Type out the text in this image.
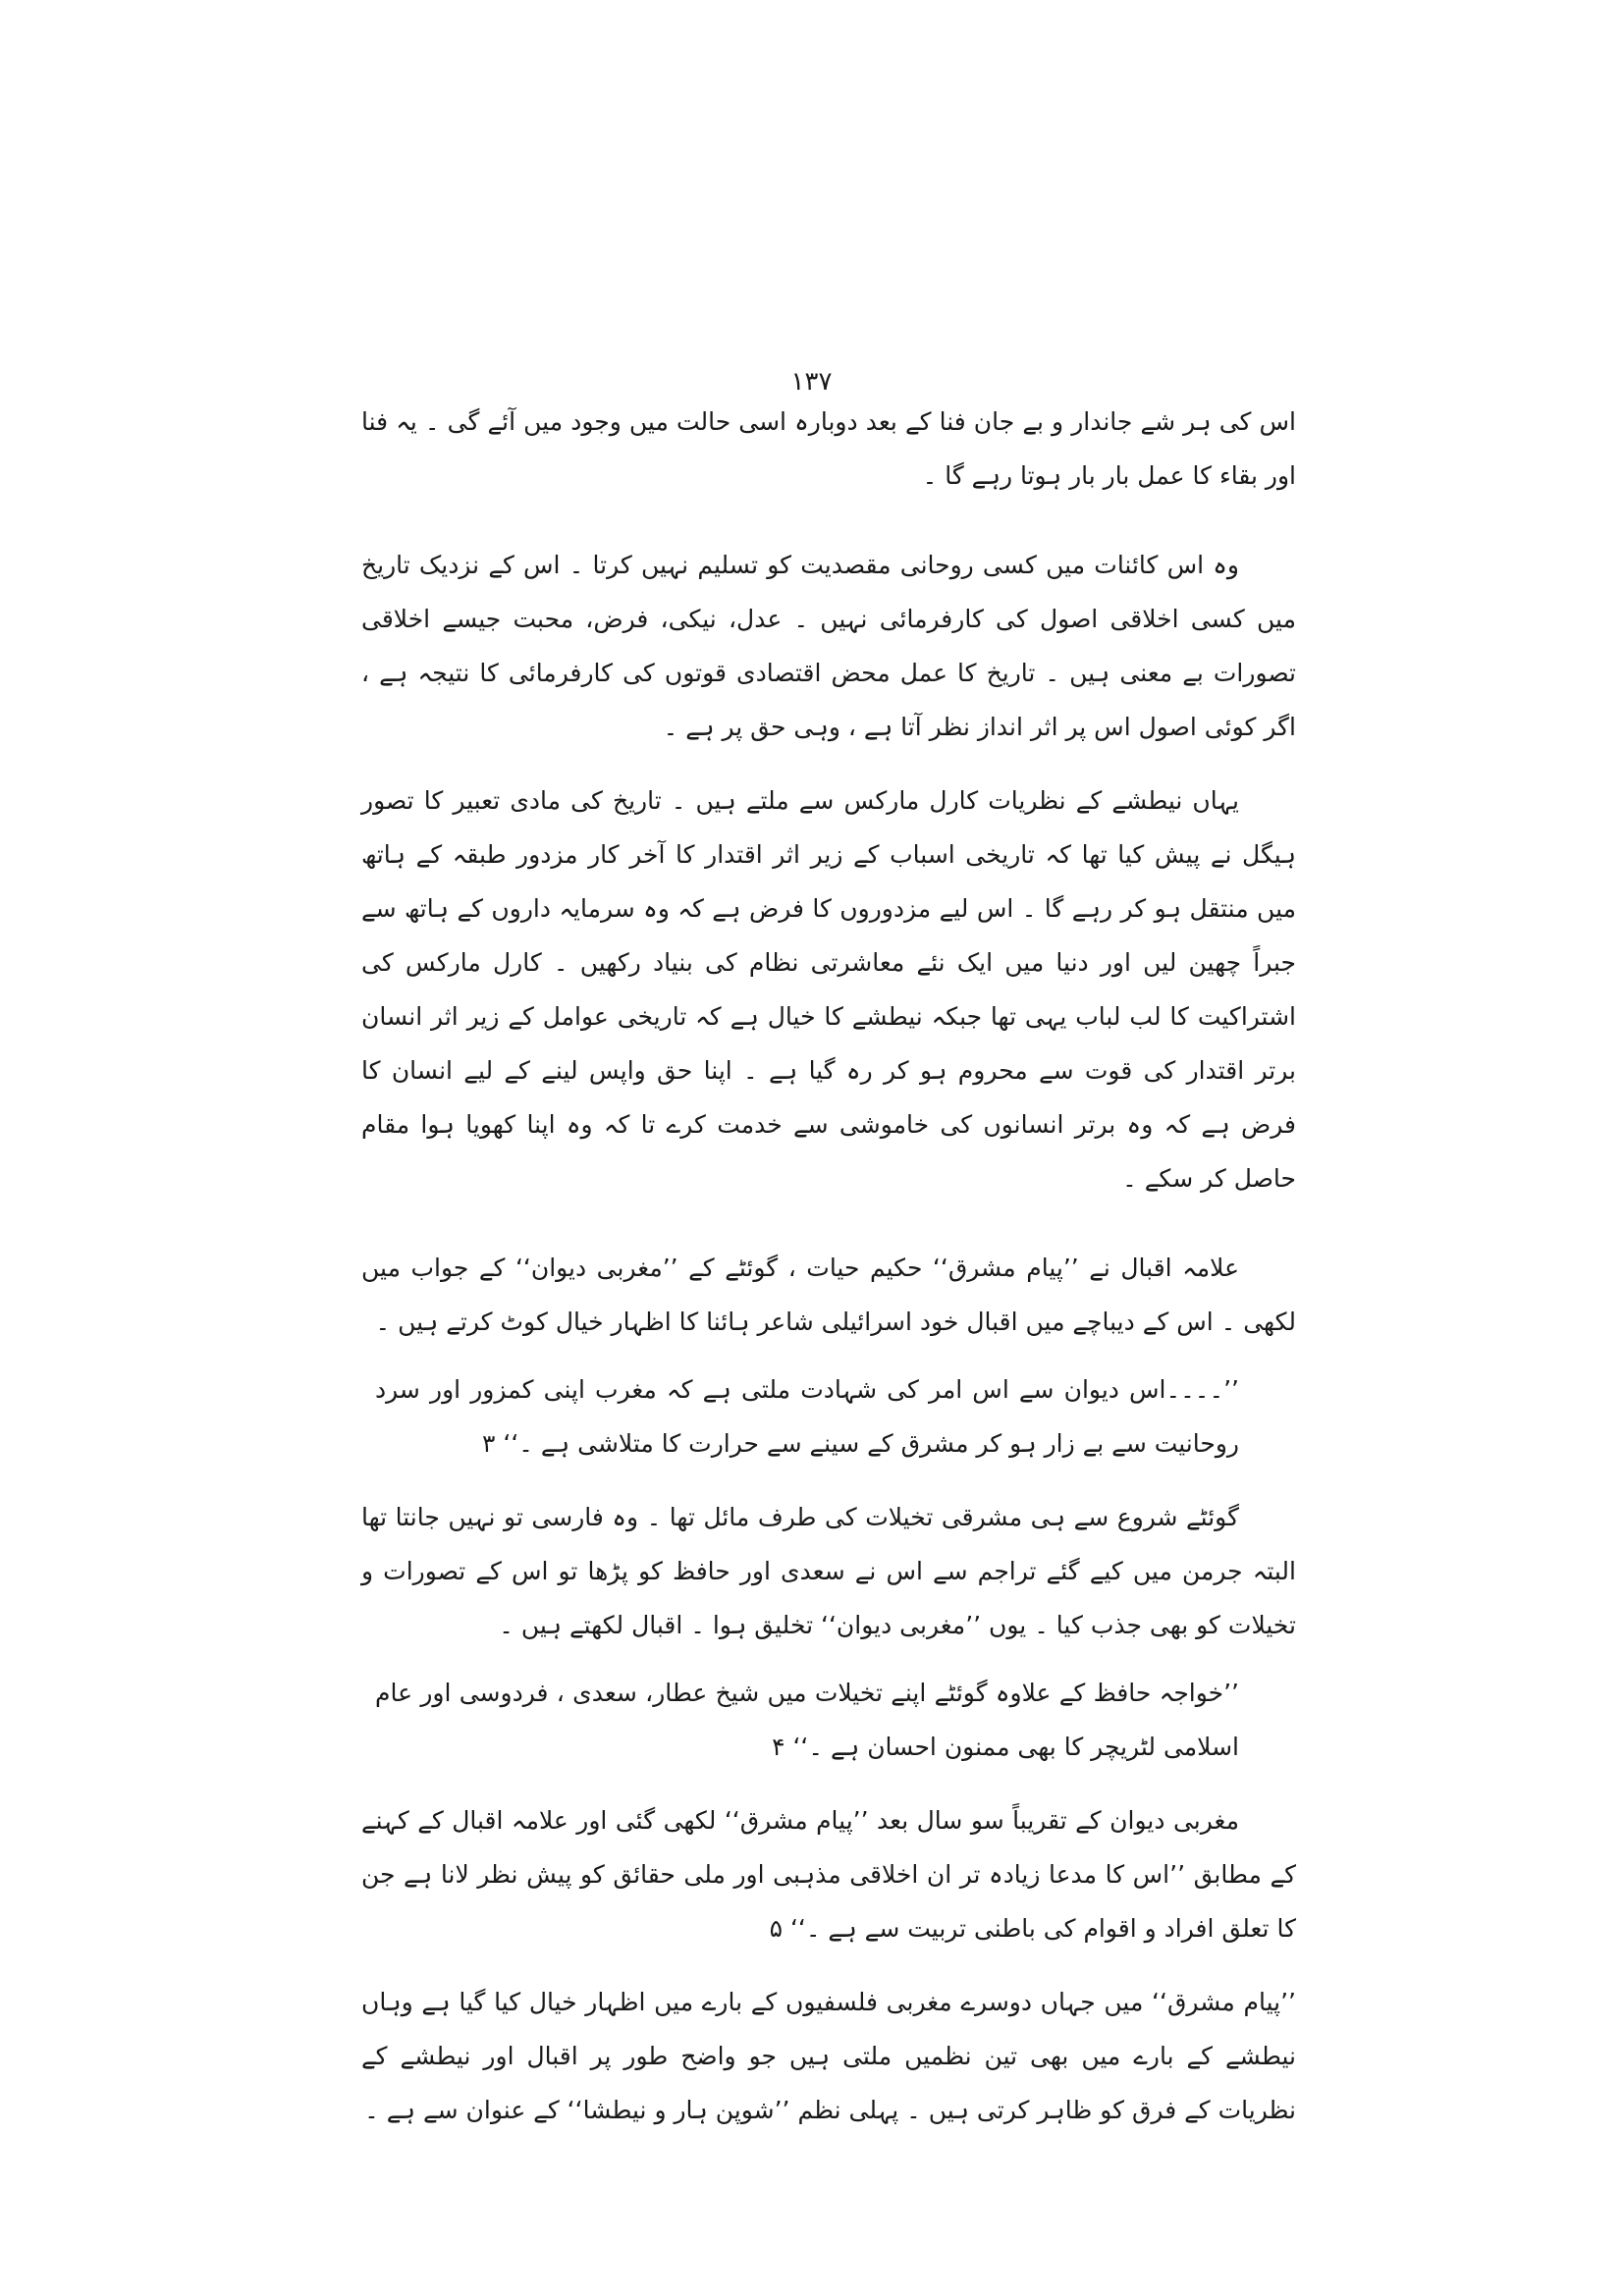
۱۳۷

اس کی ہر شے جاندار و بے جان فنا کے بعد دوبارہ اسی حالت میں وجود میں آئے گی ۔ یہ فنا اور بقاء کا عمل بار بار ہوتا رہے گا ۔

وہ اس کائنات میں کسی روحانی مقصدیت کو تسلیم نہیں کرتا ۔ اس کے نزدیک تاریخ میں کسی اخلاقی اصول کی کارفرمائی نہیں ۔ عدل، نیکی، فرض، محبت جیسے اخلاقی تصورات بے معنی ہیں ۔ تاریخ کا عمل محض اقتصادی قوتوں کی کارفرمائی کا نتیجہ ہے ، اگر کوئی اصول اس پر اثر انداز نظر آتا ہے ، وہی حق پر ہے ۔

یہاں نیطشے کے نظریات کارل مارکس سے ملتے ہیں ۔ تاریخ کی مادی تعبیر کا تصور ہیگل نے پیش کیا تھا کہ تاریخی اسباب کے زیر اثر اقتدار کا آخر کار مزدور طبقہ کے ہاتھ میں منتقل ہو کر رہے گا ۔ اس لیے مزدوروں کا فرض ہے کہ وہ سرمایہ داروں کے ہاتھ سے جبراً چھین لیں اور دنیا میں ایک نئے معاشرتی نظام کی بنیاد رکھیں ۔ کارل مارکس کی اشتراکیت کا لب لباب یہی تھا جبکہ نیطشے کا خیال ہے کہ تاریخی عوامل کے زیر اثر انسان برتر اقتدار کی قوت سے محروم ہو کر رہ گیا ہے ۔ اپنا حق واپس لینے کے لیے انسان کا فرض ہے کہ وہ برتر انسانوں کی خاموشی سے خدمت کرے تا کہ وہ اپنا کھویا ہوا مقام حاصل کر سکے ۔

علامہ اقبال نے ’’پیام مشرق‘‘ حکیم حیات ، گوئٹے کے ’’مغربی دیوان‘‘ کے جواب میں لکھی ۔ اس کے دیباچے میں اقبال خود اسرائیلی شاعر ہائنا کا اظہار خیال کوٹ کرتے ہیں ۔

’’۔۔۔۔اس دیوان سے اس امر کی شہادت ملتی ہے کہ مغرب اپنی کمزور اور سرد روحانیت سے بے زار ہو کر مشرق کے سینے سے حرارت کا متلاشی ہے ۔‘‘ ۳

گوئٹے شروع سے ہی مشرقی تخیلات کی طرف مائل تھا ۔ وہ فارسی تو نہیں جانتا تھا البتہ جرمن میں کیے گئے تراجم سے اس نے سعدی اور حافظ کو پڑھا تو اس کے تصورات و تخیلات کو بھی جذب کیا ۔ یوں ’’مغربی دیوان‘‘ تخلیق ہوا ۔ اقبال لکھتے ہیں ۔

’’خواجہ حافظ کے علاوہ گوئٹے اپنے تخیلات میں شیخ عطار، سعدی ، فردوسی اور عام اسلامی لٹریچر کا بھی ممنون احسان ہے ۔‘‘ ۴

مغربی دیوان کے تقریباً سو سال بعد ’’پیام مشرق‘‘ لکھی گئی اور علامہ اقبال کے کہنے کے مطابق ’’اس کا مدعا زیادہ تر ان اخلاقی مذہبی اور ملی حقائق کو پیش نظر لانا ہے جن کا تعلق افراد و اقوام کی باطنی تربیت سے ہے ۔‘‘ ۵

’’پیام مشرق‘‘ میں جہاں دوسرے مغربی فلسفیوں کے بارے میں اظہار خیال کیا گیا ہے وہاں نیطشے کے بارے میں بھی تین نظمیں ملتی ہیں جو واضح طور پر اقبال اور نیطشے کے نظریات کے فرق کو ظاہر کرتی ہیں ۔ پہلی نظم ’’شوپن ہار و نیطشا‘‘ کے عنوان سے ہے ۔
